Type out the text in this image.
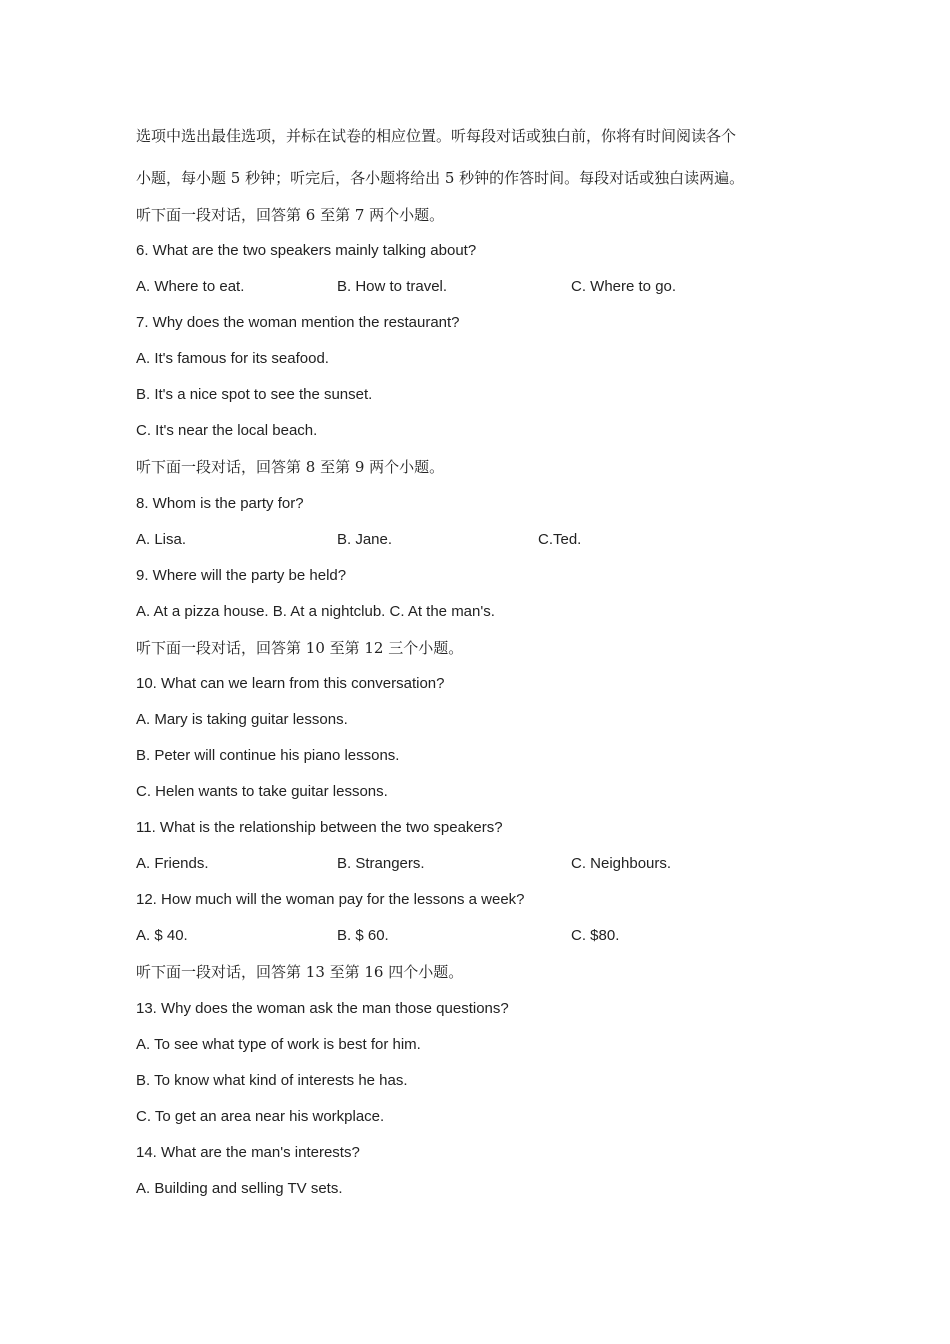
选项中选出最佳选项，并标在试卷的相应位置。听每段对话或独白前，你将有时间阅读各个
小题，每小题 5 秒钟；听完后，各小题将给出 5 秒钟的作答时间。每段对话或独白读两遍。
听下面一段对话，回答第 6 至第 7 两个小题。
6. What are the two speakers mainly talking about?
A. Where to eat.	B. How to travel.	C. Where to go.
7. Why does the woman mention the restaurant?
A. It's famous for its seafood.
B. It's a nice spot to see the sunset.
C. It's near the local beach.
听下面一段对话，回答第 8 至第 9 两个小题。
8. Whom is the party for?
A. Lisa.	B. Jane.	C.Ted.
9. Where will the party be held?
A. At a pizza house. B. At a nightclub. C. At the man's.
听下面一段对话，回答第 10 至第 12 三个小题。
10. What can we learn from this conversation?
A. Mary is taking guitar lessons.
B. Peter will continue his piano lessons.
C. Helen wants to take guitar lessons.
11. What is the relationship between the two speakers?
A. Friends.	B. Strangers.	C. Neighbours.
12. How much will the woman pay for the lessons a week?
A. $ 40.	B. $ 60.	C. $80.
听下面一段对话，回答第 13 至第 16 四个小题。
13. Why does the woman ask the man those questions?
A. To see what type of work is best for him.
B. To know what kind of interests he has.
C. To get an area near his workplace.
14. What are the man's interests?
A. Building and selling TV sets.
